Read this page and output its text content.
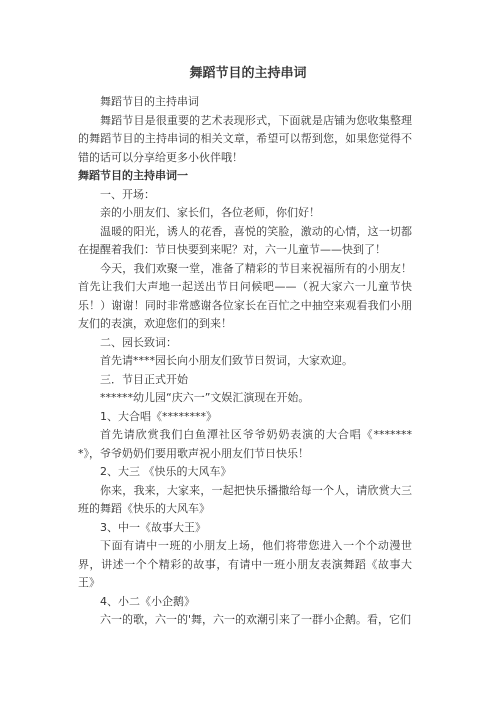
舞蹈节目的主持串词

舞蹈节目的主持串词

舞蹈节目是很重要的艺术表现形式，下面就是店铺为您收集整理的舞蹈节目的主持串词的相关文章，希望可以帮到您，如果您觉得不错的话可以分享给更多小伙伴哦！

舞蹈节目的主持串词一

一、开场：

亲的小朋友们、家长们，各位老师，你们好！

温暖的阳光，诱人的花香，喜悦的笑脸，激动的心情，这一切都在提醒着我们：节日快要到来呢？对，六一儿童节——快到了！

今天，我们欢聚一堂，准备了精彩的节目来祝福所有的小朋友！首先让我们大声地一起送出节日问候吧——（祝大家六一儿童节快乐！）谢谢！同时非常感谢各位家长在百忙之中抽空来观看我们小朋友们的表演，欢迎您们的到来！

二、园长致词：

首先请****园长向小朋友们致节日贺词，大家欢迎。

三．节目正式开始

******幼儿园“庆六一”文娱汇演现在开始。

1、大合唱《********》

首先请欣赏我们白鱼潭社区爷爷奶奶表演的大合唱《********》，爷爷奶奶们要用歌声祝小朋友们节日快乐！

2、大三 《快乐的大风车》

你来，我来，大家来，一起把快乐播撒给每一个人，请欣赏大三班的舞蹈《快乐的大风车》

3、中一《故事大王》

下面有请中一班的小朋友上场，他们将带您进入一个个动漫世界，讲述一个个精彩的故事，有请中一班小朋友表演舞蹈《故事大王》

4、小二《小企鹅》

六一的歌，六一的'舞，六一的欢潮引来了一群小企鹅。看，它们
